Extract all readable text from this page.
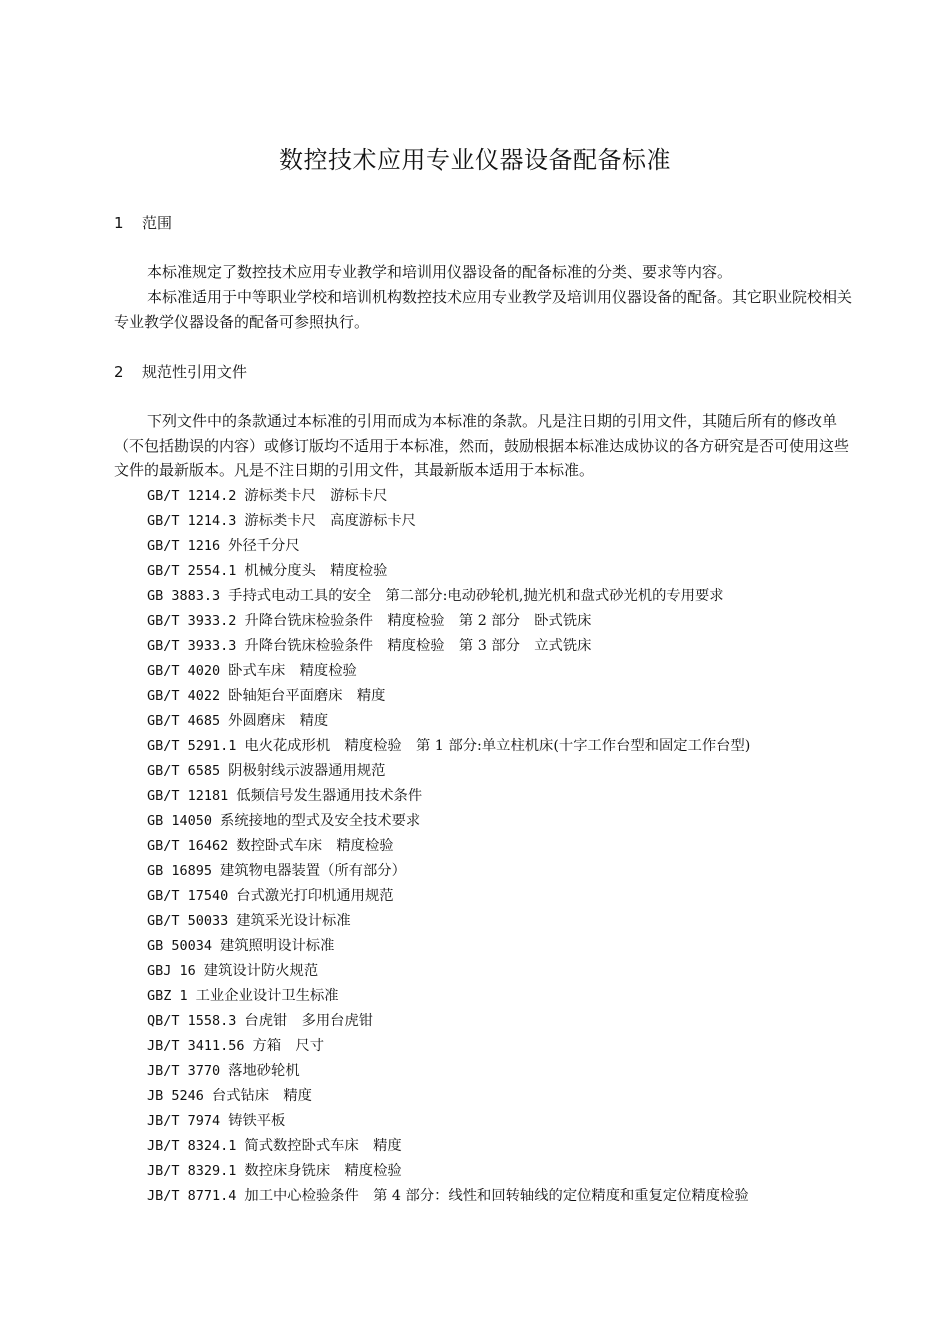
数控技术应用专业仪器设备配备标准
1 范围
本标准规定了数控技术应用专业教学和培训用仪器设备的配备标准的分类、要求等内容。
本标准适用于中等职业学校和培训机构数控技术应用专业教学及培训用仪器设备的配备。其它职业院校相关专业教学仪器设备的配备可参照执行。
2 规范性引用文件
下列文件中的条款通过本标准的引用而成为本标准的条款。凡是注日期的引用文件，其随后所有的修改单（不包括勘误的内容）或修订版均不适用于本标准，然而，鼓励根据本标准达成协议的各方研究是否可使用这些文件的最新版本。凡是不注日期的引用文件，其最新版本适用于本标准。
GB/T 1214.2 游标类卡尺　游标卡尺
GB/T 1214.3 游标类卡尺　高度游标卡尺
GB/T 1216 外径千分尺
GB/T 2554.1 机械分度头　精度检验
GB 3883.3 手持式电动工具的安全　第二部分:电动砂轮机,抛光机和盘式砂光机的专用要求
GB/T 3933.2 升降台铣床检验条件　精度检验　第 2 部分　卧式铣床
GB/T 3933.3 升降台铣床检验条件　精度检验　第 3 部分　立式铣床
GB/T 4020 卧式车床　精度检验
GB/T 4022 卧轴矩台平面磨床　精度
GB/T 4685 外圆磨床　精度
GB/T 5291.1 电火花成形机　精度检验　第 1 部分:单立柱机床(十字工作台型和固定工作台型)
GB/T 6585 阴极射线示波器通用规范
GB/T 12181 低频信号发生器通用技术条件
GB 14050 系统接地的型式及安全技术要求
GB/T 16462 数控卧式车床　精度检验
GB 16895 建筑物电器装置（所有部分）
GB/T 17540 台式激光打印机通用规范
GB/T 50033 建筑采光设计标准
GB 50034 建筑照明设计标准
GBJ 16 建筑设计防火规范
GBZ 1 工业企业设计卫生标准
QB/T 1558.3 台虎钳　多用台虎钳
JB/T 3411.56 方箱　尺寸
JB/T 3770 落地砂轮机
JB 5246 台式钻床　精度
JB/T 7974 铸铁平板
JB/T 8324.1 简式数控卧式车床　精度
JB/T 8329.1 数控床身铣床　精度检验
JB/T 8771.4 加工中心检验条件　第 4 部分：线性和回转轴线的定位精度和重复定位精度检验
